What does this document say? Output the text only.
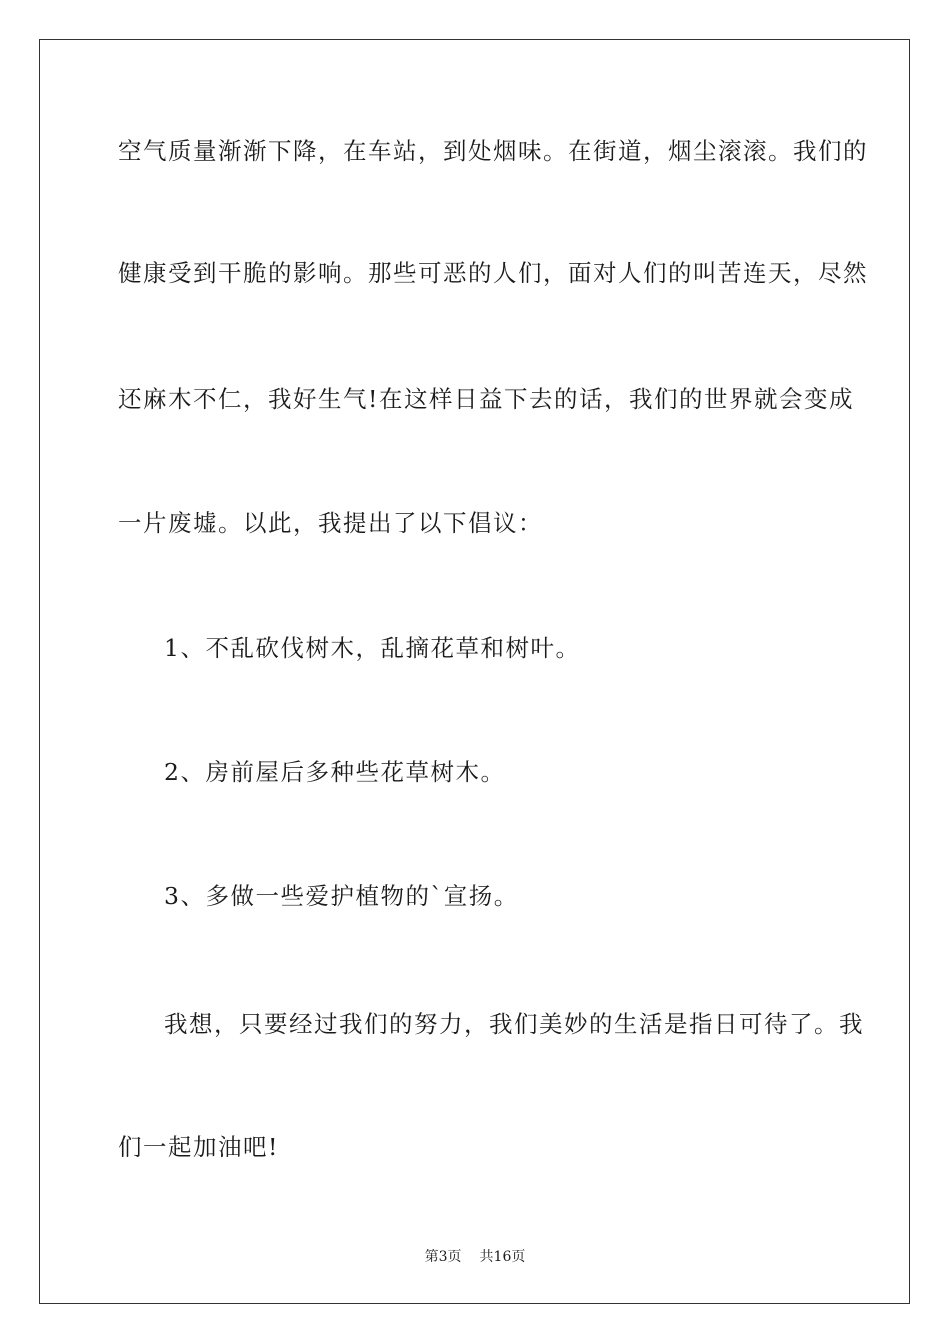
空气质量渐渐下降，在车站，到处烟味。在街道，烟尘滚滚。我们的
健康受到干脆的影响。那些可恶的人们，面对人们的叫苦连天，尽然
还麻木不仁，我好生气!在这样日益下去的话，我们的世界就会变成
一片废墟。以此，我提出了以下倡议：
1、不乱砍伐树木，乱摘花草和树叶。
2、房前屋后多种些花草树木。
3、多做一些爱护植物的`宣扬。
我想，只要经过我们的努力，我们美妙的生活是指日可待了。我
们一起加油吧!
第3页 共16页
